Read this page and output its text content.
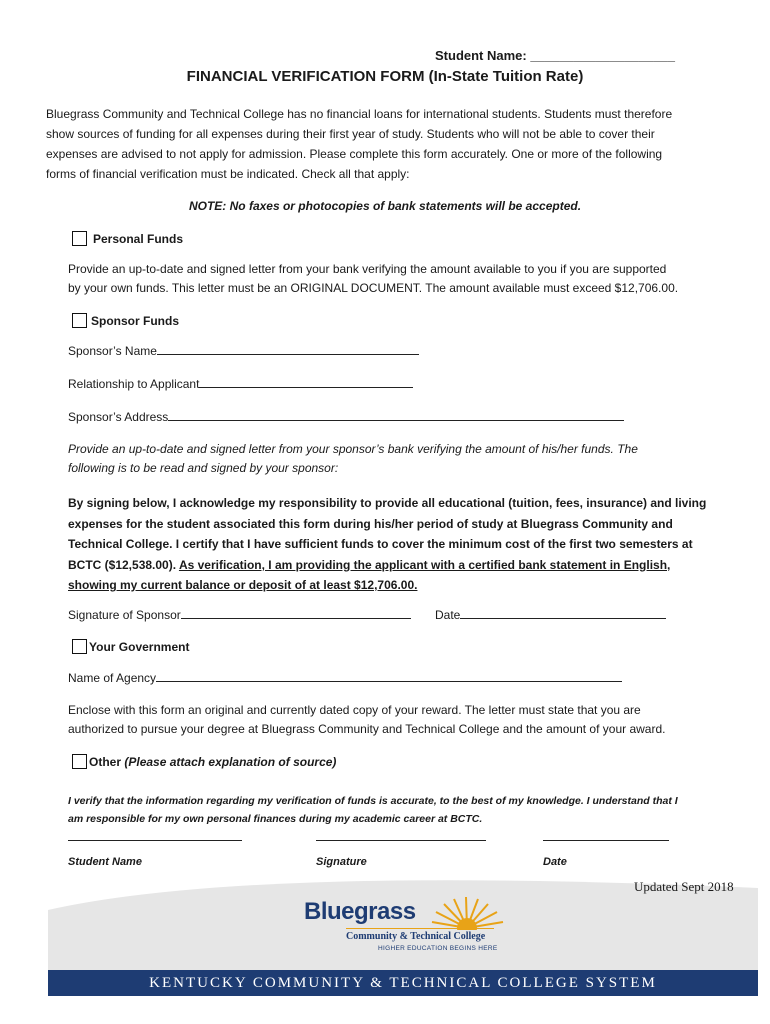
Student Name: ____________________
FINANCIAL VERIFICATION FORM (In-State Tuition Rate)
Bluegrass Community and Technical College has no financial loans for international students. Students must therefore
show sources of funding for all expenses during their first year of study. Students who will not be able to cover their
expenses are advised to not apply for admission. Please complete this form accurately. One or more of the following
forms of financial verification must be indicated. Check all that apply:
NOTE: No faxes or photocopies of bank statements will be accepted.
Personal Funds
Provide an up-to-date and signed letter from your bank verifying the amount available to you if you are supported
by your own funds. This letter must be an ORIGINAL DOCUMENT. The amount available must exceed $12,706.00.
Sponsor Funds
Sponsor’s Name
Relationship to Applicant
Sponsor’s Address
Provide an up-to-date and signed letter from your sponsor’s bank verifying the amount of his/her funds. The
following is to be read and signed by your sponsor:
By signing below, I acknowledge my responsibility to provide all educational (tuition, fees, insurance) and living
expenses for the student associated this form during his/her period of study at Bluegrass Community and
Technical College. I certify that I have sufficient funds to cover the minimum cost of the first two semesters at
BCTC ($12,538.00). As verification, I am providing the applicant with a certified bank statement in English,
showing my current balance or deposit of at least $12,706.00.
Signature of Sponsor	Date
Your Government
Name of Agency
Enclose with this form an original and currently dated copy of your reward. The letter must state that you are
authorized to pursue your degree at Bluegrass Community and Technical College and the amount of your award.
Other (Please attach explanation of source)
I verify that the information regarding my verification of funds is accurate, to the best of my knowledge. I understand that I
am responsible for my own personal finances during my academic career at BCTC.
Student Name	Signature	Date
Updated Sept 2018
Bluegrass
Community & Technical College
HIGHER EDUCATION BEGINS HERE
KENTUCKY COMMUNITY & TECHNICAL COLLEGE SYSTEM
